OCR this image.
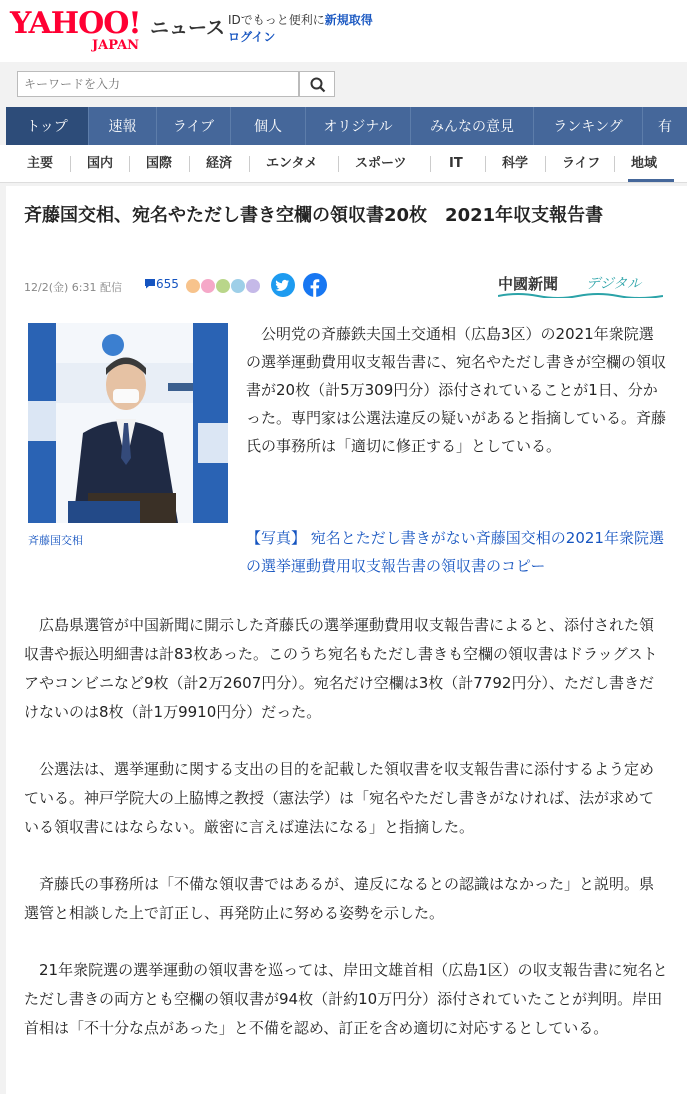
YAHOO!
JAPAN
ニュース IDでもっと便利に新規取得
ログイン
キーワードを入力
トップ	速報	ライブ	個人	オリジナル	みんなの意見	ランキング	有
主要	国内	国際	経済	エンタメ	スポーツ	IT	科学	ライフ 地域
斉藤国交相、宛名やただし書き空欄の領収書20枚　2021年収支報告書
12/2(金) 6:31 配信	655	中國新聞 デジタル
斉藤国交相

公明党の斉藤鉄夫国土交通相（広島3区）の2021年衆院選の選挙運動費用収支報告書に、宛名やただし書きが空欄の領収書が20枚（計5万309円分）添付されていることが1日、分かった。専門家は公選法違反の疑いがあると指摘している。斉藤氏の事務所は「適切に修正する」としている。

【写真】 宛名とただし書きがない斉藤国交相の2021年衆院選の選挙運動費用収支報告書の領収書のコピー

広島県選管が中国新聞に開示した斉藤氏の選挙運動費用収支報告書によると、添付された領収書や振込明細書は計83枚あった。このうち宛名もただし書きも空欄の領収書はドラッグストアやコンビニなど9枚（計2万2607円分）。宛名だけ空欄は3枚（計7792円分）、ただし書きだけないのは8枚（計1万9910円分）だった。

公選法は、選挙運動に関する支出の目的を記載した領収書を収支報告書に添付するよう定めている。神戸学院大の上脇博之教授（憲法学）は「宛名やただし書きがなければ、法が求めている領収書にはならない。厳密に言えば違法になる」と指摘した。

斉藤氏の事務所は「不備な領収書ではあるが、違反になるとの認識はなかった」と説明。県選管と相談した上で訂正し、再発防止に努める姿勢を示した。

21年衆院選の選挙運動の領収書を巡っては、岸田文雄首相（広島1区）の収支報告書に宛名とただし書きの両方とも空欄の領収書が94枚（計約10万円分）添付されていたことが判明。岸田首相は「不十分な点があった」と不備を認め、訂正を含め適切に対応するとしている。
